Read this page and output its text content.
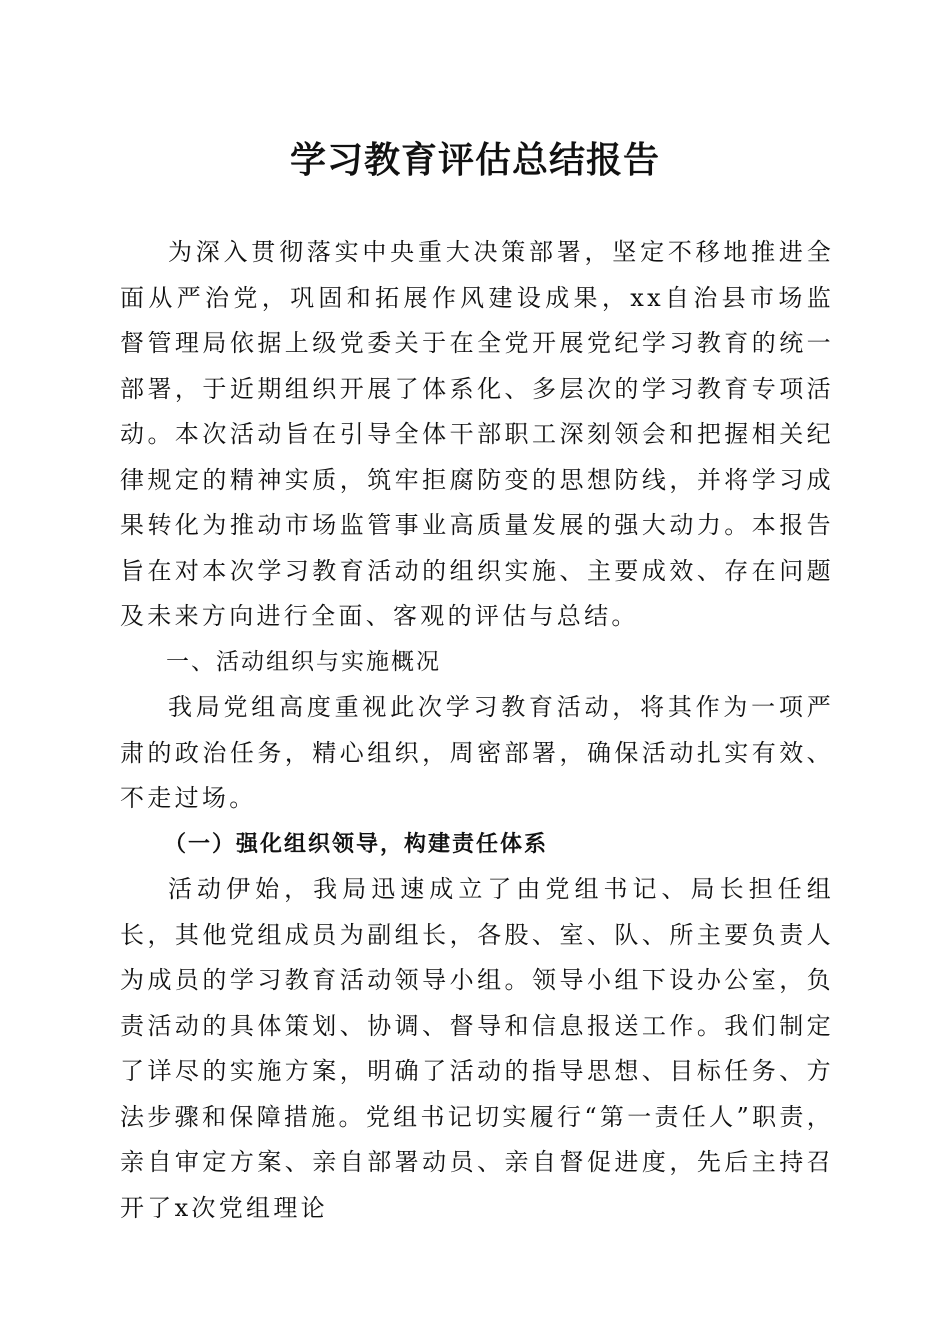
学习教育评估总结报告

为深入贯彻落实中央重大决策部署，坚定不移地推进全面从严治党，巩固和拓展作风建设成果，xx自治县市场监督管理局依据上级党委关于在全党开展党纪学习教育的统一部署，于近期组织开展了体系化、多层次的学习教育专项活动。本次活动旨在引导全体干部职工深刻领会和把握相关纪律规定的精神实质，筑牢拒腐防变的思想防线，并将学习成果转化为推动市场监管事业高质量发展的强大动力。本报告旨在对本次学习教育活动的组织实施、主要成效、存在问题及未来方向进行全面、客观的评估与总结。

一、活动组织与实施概况

我局党组高度重视此次学习教育活动，将其作为一项严肃的政治任务，精心组织，周密部署，确保活动扎实有效、不走过场。

（一）强化组织领导，构建责任体系

活动伊始，我局迅速成立了由党组书记、局长担任组长，其他党组成员为副组长，各股、室、队、所主要负责人为成员的学习教育活动领导小组。领导小组下设办公室，负责活动的具体策划、协调、督导和信息报送工作。我们制定了详尽的实施方案，明确了活动的指导思想、目标任务、方法步骤和保障措施。党组书记切实履行“第一责任人”职责，亲自审定方案、亲自部署动员、亲自督促进度，先后主持召开了x次党组理论
